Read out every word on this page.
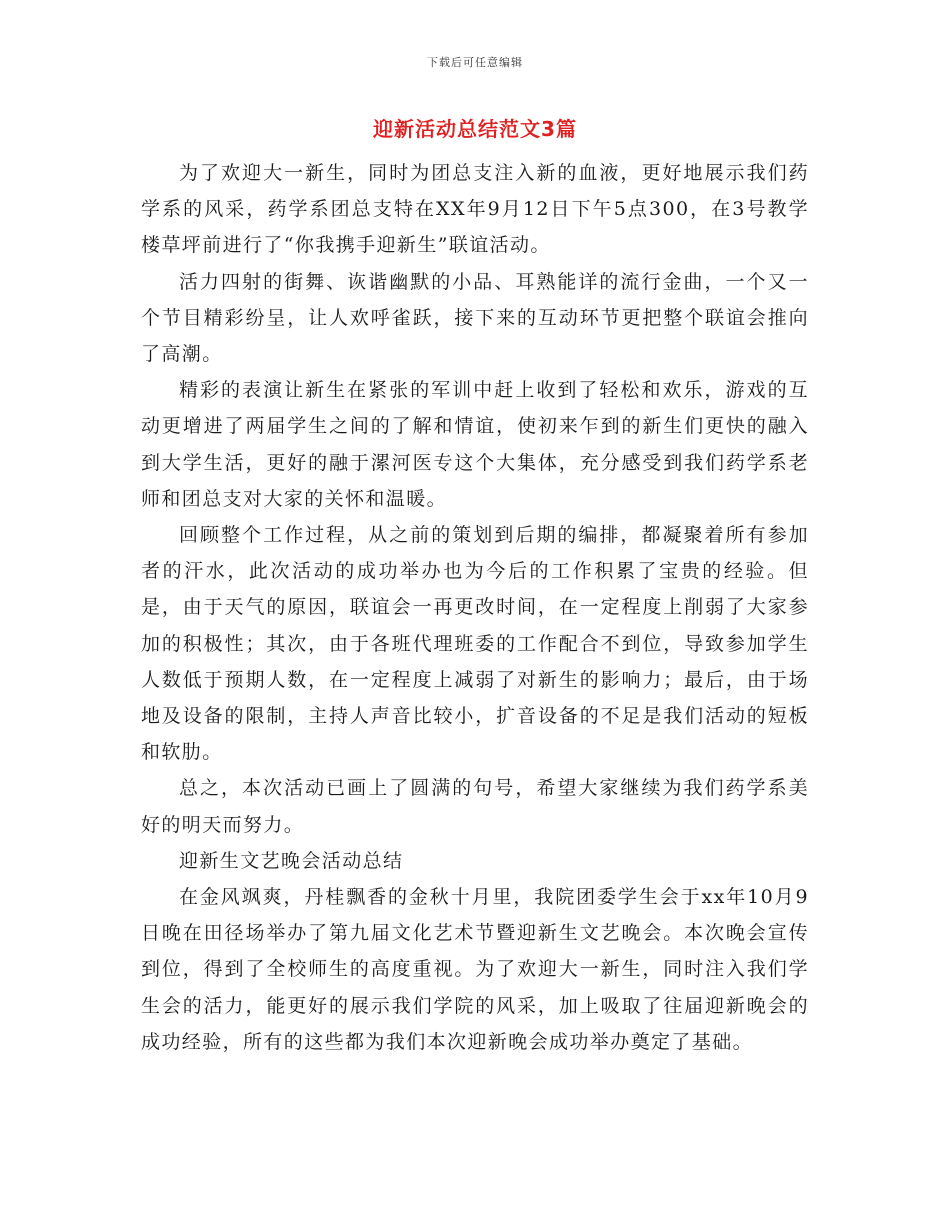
下载后可任意编辑
迎新活动总结范文3篇

为了欢迎大一新生，同时为团总支注入新的血液，更好地展示我们药学系的风采，药学系团总支特在XX年9月12日下午5点300，在3号教学楼草坪前进行了“你我携手迎新生”联谊活动。

活力四射的街舞、诙谐幽默的小品、耳熟能详的流行金曲，一个又一个节目精彩纷呈，让人欢呼雀跃，接下来的互动环节更把整个联谊会推向了高潮。

精彩的表演让新生在紧张的军训中赶上收到了轻松和欢乐，游戏的互动更增进了两届学生之间的了解和情谊，使初来乍到的新生们更快的融入到大学生活，更好的融于漯河医专这个大集体，充分感受到我们药学系老师和团总支对大家的关怀和温暖。

回顾整个工作过程，从之前的策划到后期的编排，都凝聚着所有参加者的汗水，此次活动的成功举办也为今后的工作积累了宝贵的经验。但是，由于天气的原因，联谊会一再更改时间，在一定程度上削弱了大家参加的积极性；其次，由于各班代理班委的工作配合不到位，导致参加学生人数低于预期人数，在一定程度上减弱了对新生的影响力；最后，由于场地及设备的限制，主持人声音比较小，扩音设备的不足是我们活动的短板和软肋。

总之，本次活动已画上了圆满的句号，希望大家继续为我们药学系美好的明天而努力。

迎新生文艺晚会活动总结

在金风飒爽，丹桂飘香的金秋十月里，我院团委学生会于xx年10月9日晚在田径场举办了第九届文化艺术节暨迎新生文艺晚会。本次晚会宣传到位，得到了全校师生的高度重视。为了欢迎大一新生，同时注入我们学生会的活力，能更好的展示我们学院的风采，加上吸取了往届迎新晚会的成功经验，所有的这些都为我们本次迎新晚会成功举办奠定了基础。
